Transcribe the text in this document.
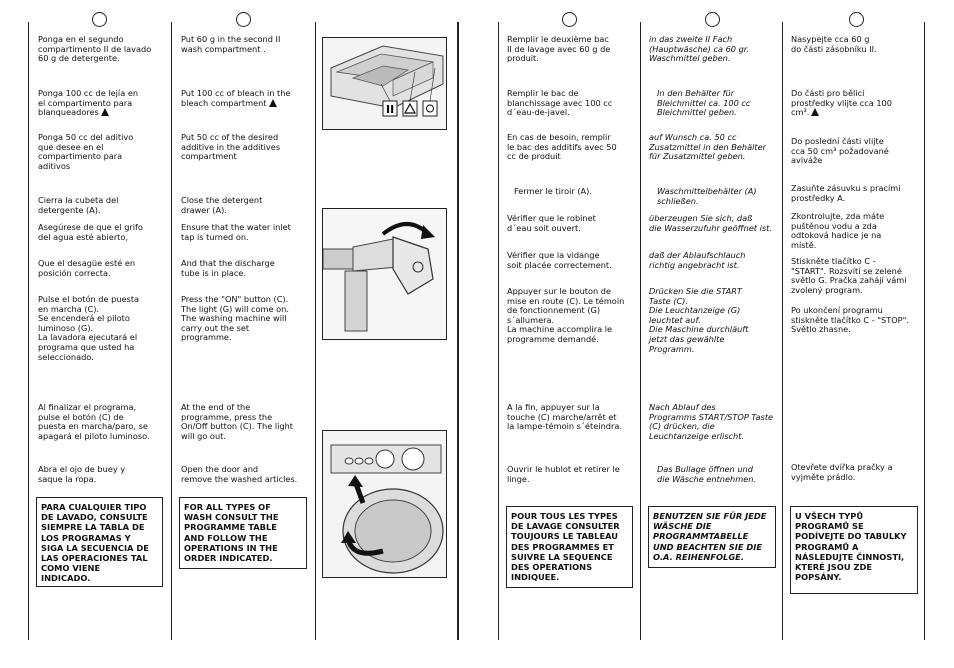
Ponga en el segundo
compartimento II de lavado
60 g de detergente.
Ponga 100 cc de lejía en
el compartimento para
blanqueadores
Ponga 50 cc del aditivo
que desee en el
compartimento para
aditivos
Cierra la cubeta del
detergente (A).
Asegúrese de que el grifo
del agua esté abierto,
Que el desagüe esté en
posición correcta.
Pulse el botón de puesta
en marcha (C).
Se encenderá el piloto
luminoso (G).
La lavadora ejecutará el
programa que usted ha
seleccionado.
Al finalizar el programa,
pulse el botón (C) de
puesta en marcha/paro, se
apagará el piloto luminoso.
Abra el ojo de buey y
saque la ropa.
PARA CUALQUIER TIPO
DE LAVADO, CONSULTE
SIEMPRE LA TABLA DE
LOS PROGRAMAS Y
SIGA LA SECUENCIA DE
LAS OPERACIONES TAL
COMO VIENE
INDICADO.
Put 60 g in the second II
wash compartment .
Put 100 cc of bleach in the
bleach compartment
Put 50 cc of the desired
additive in the additives
compartment
Close the detergent
drawer (A).
Ensure that the water inlet
tap is turned on.
And that the discharge
tube is in place.
Press the "ON" button (C).
The light (G) will come on.
The washing machine will
carry out the set
programme.
At the end of the
programme, press the
On/Off button (C). The light
will go out.
Open the door and
remove the washed articles.
FOR ALL TYPES OF
WASH CONSULT THE
PROGRAMME TABLE
AND FOLLOW THE
OPERATIONS IN THE
ORDER INDICATED.
II
Remplir le deuxième bac
II de lavage avec 60 g de
produit.
Remplir le bac de
blanchissage avec 100 cc
d´eau-de-javel.
En cas de besoin, remplir
le bac des additifs avec 50
cc de produit
Fermer le tiroir (A).
Vérifier que le robinet
d´eau soit ouvert.
Vérifier que la vidange
soit placée correctement.
Appuyer sur le bouton de
mise en route (C). Le témoin
de fonctionnement (G)
s´allumera.
La machine accomplira le
programme demandé.
A la fin, appuyer sur la
touche (C) marche/arrêt et
la lampe-témoin s´éteindra.
Ouvrir le hublot et retirer le
linge.
POUR TOUS LES TYPES
DE LAVAGE CONSULTER
TOUJOURS LE TABLEAU
DES PROGRAMMES ET
SUIVRE LA SEQUENCE
DES OPERATIONS
INDIQUEE.
in das zweite II Fach
(Hauptwäsche) ca 60 gr.
Waschmittel geben.
In den Behälter für
Bleichmittel ca. 100 cc
Bleichmittel geben.
auf Wunsch ca. 50 cc
Zusatzmittel in den Behälter
für Zusatzmittel geben.
Waschmittelbehälter (A)
schließen.
überzeugen Sie sich, daß
die Wasserzufuhr geöffnet ist.
daß der Ablaufschlauch
richtig angebracht ist.
Drücken Sie die START
Taste (C).
Die Leuchtanzeige (G)
leuchtet auf.
Die Maschine durchläuft
jetzt das gewählte
Programm.
Nach Ablauf des
Programms START/STOP Taste
(C) drücken, die
Leuchtanzeige erlischt.
Das Bullage öffnen und
die Wäsche entnehmen.
BENUTZEN SIE FÜR JEDE
WÄSCHE DIE
PROGRAMMTABELLE
UND BEACHTEN SIE DIE
O.A. REIHENFOLGE.
Nasypejte cca 60 g
do části zásobníku II.
Do části pro bělicí
prostředky vlijte cca 100
cm³.
Do poslední části vlijte
cca 50 cm³ požadované
aviváže
Zasuňte zásuvku s pracími
prostředky A.
Zkontrolujte, zda máte
puštěnou vodu a zda
odtoková hadice je na
místě.
Stiskněte tlačítko C -
"START". Rozsvítí se zelené
světlo G. Pračka zahájí vámi
zvolený program.
Po ukončení programu
stiskněte tlačítko C - "STOP".
Světlo zhasne.
Otevřete dvířka pračky a
vyjměte prádlo.
U VŠECH TYPŮ
PROGRAMŮ SE
PODÍVEJTE DO TABULKY
PROGRAMŮ A
NÁSLEDUJTE ČINNOSTI,
KTERÉ JSOU ZDE
POPSÁNY.
